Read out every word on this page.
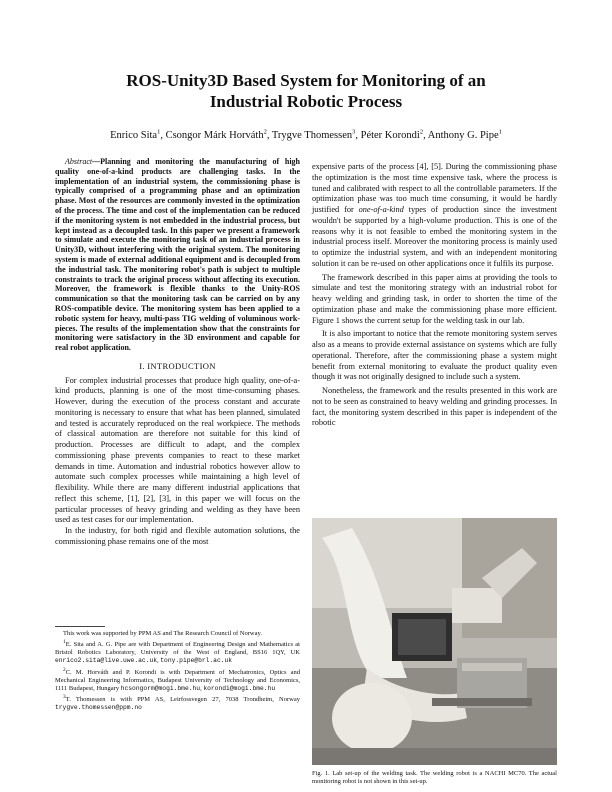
ROS-Unity3D Based System for Monitoring of an
Industrial Robotic Process
Enrico Sita$^1$, Csongor Márk Horváth$^2$, Trygve Thomessen$^3$, Péter Korondi$^2$, Anthony G. Pipe$^1$

Abstract—Planning and monitoring the manufacturing of high quality one-of-a-kind products are challenging tasks. In the implementation of an industrial system, the commissioning phase is typically comprised of a programming phase and an optimization phase. Most of the resources are commonly invested in the optimization of the process. The time and cost of the implementation can be reduced if the monitoring system is not embedded in the industrial process, but kept instead as a decoupled task. In this paper we present a framework to simulate and execute the monitoring task of an industrial process in Unity3D, without interfering with the original system. The monitoring system is made of external additional equipment and is decoupled from the industrial task. The monitoring robot's path is subject to multiple constraints to track the original process without affecting its execution. Moreover, the framework is flexible thanks to the Unity-ROS communication so that the monitoring task can be carried on by any ROS-compatible device. The monitoring system has been applied to a robotic system for heavy, multi-pass TIG welding of voluminous work-pieces. The results of the implementation show that the constraints for monitoring were satisfactory in the 3D environment and capable for real robot application.

I. INTRODUCTION

For complex industrial processes that produce high quality, one-of-a-kind products, planning is one of the most time-consuming phases. However, during the execution of the process constant and accurate monitoring is necessary to ensure that what has been planned, simulated and tested is accurately reproduced on the real workpiece. The methods of classical automation are therefore not suitable for this kind of production. Processes are difficult to adapt, and the complex commissioning phase prevents companies to react to these market demands in time. Automation and industrial robotics however allow to automate such complex processes while maintaining a high level of flexibility. While there are many different industrial applications that reflect this scheme, [1], [2], [3], in this paper we will focus on the particular processes of heavy grinding and welding as they have been used as test cases for our implementation.

In the industry, for both rigid and flexible automation solutions, the commissioning phase remains one of the most

This work was supported by PPM AS and The Research Council of Norway.

$^1$E. Sita and A. G. Pipe are with Department of Engineering Design and Mathematics at Bristol Robotics Laboratory, University of the West of England, BS16 1QY, UK enrico2.sita@live.uwe.ac.uk, tony.pipe@brl.ac.uk

$^2$C. M. Horváth and P. Korondi is with Department of Mechatronics, Optics and Mechanical Engineering Informatics, Budapest University of Technology and Economics, 1111 Budapest, Hungary hcsongorm@mogi.bme.hu, korondi@mogi.bme.hu

$^3$T. Thomessen is with PPM AS, Leirfossvegen 27, 7038 Trondheim, Norway trygve.thomessen@ppm.no

expensive parts of the process [4], [5]. During the commissioning phase the optimization is the most time expensive task, where the process is tuned and calibrated with respect to all the controllable parameters. If the optimization phase was too much time consuming, it would be hardly justified for one-of-a-kind types of production since the investment wouldn't be supported by a high-volume production. This is one of the reasons why it is not feasible to embed the monitoring system in the industrial process itself. Moreover the monitoring process is mainly used to optimize the industrial system, and with an independent monitoring solution it can be re-used on other applications once it fulfils its purpose.

The framework described in this paper aims at providing the tools to simulate and test the monitoring strategy with an industrial robot for heavy welding and grinding task, in order to shorten the time of the optimization phase and make the commissioning phase more efficient. Figure 1 shows the current setup for the welding task in our lab.

It is also important to notice that the remote monitoring system serves also as a means to provide external assistance on systems which are fully operational. Therefore, after the commissioning phase a system might benefit from external monitoring to evaluate the product quality even though it was not originally designed to include such a system.

Nonetheless, the framework and the results presented in this work are not to be seen as constrained to heavy welding and grinding processes. In fact, the monitoring system described in this paper is independent of the robotic

Fig. 1. Lab set-up of the welding task. The welding robot is a NACHI MC70. The actual monitoring robot is not shown in this set-up.
